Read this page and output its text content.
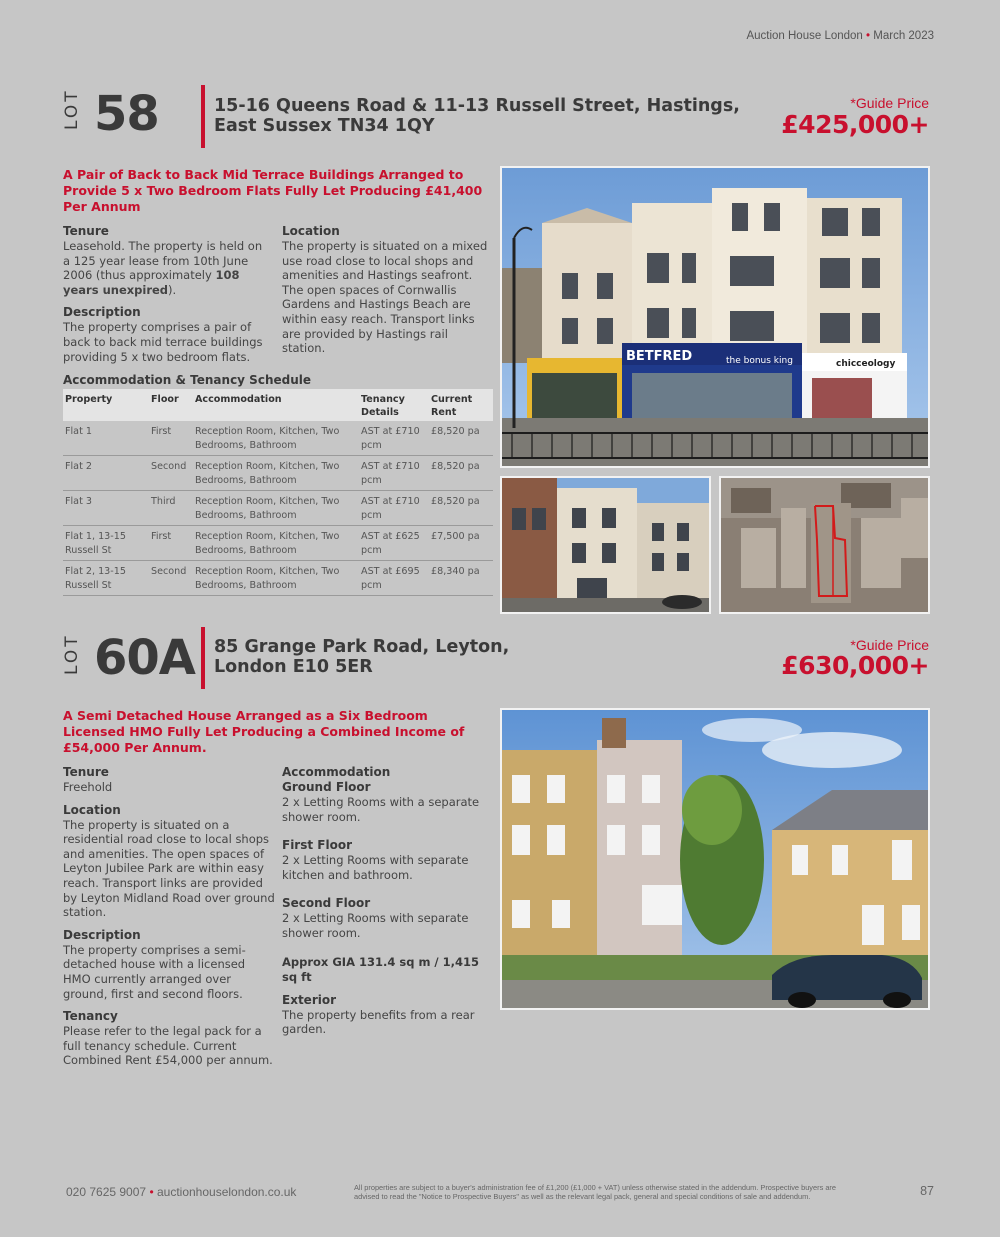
Auction House London • March 2023
LOT 58	15-16 Queens Road & 11-13 Russell Street, Hastings,
East Sussex TN34 1QY
*Guide Price
£425,000+
A Pair of Back to Back Mid Terrace Buildings Arranged to Provide 5 x Two Bedroom Flats Fully Let Producing £41,400 Per Annum
Tenure
Leasehold. The property is held on a 125 year lease from 10th June 2006 (thus approximately 108 years unexpired).
Description
The property comprises a pair of back to back mid terrace buildings providing 5 x two bedroom flats.
Location
The property is situated on a mixed use road close to local shops and amenities and Hastings seafront. The open spaces of Cornwallis Gardens and Hastings Beach are within easy reach. Transport links are provided by Hastings rail station.
Accommodation & Tenancy Schedule
Property	Floor	Accommodation	Tenancy Details	Current Rent
Flat 1	First	Reception Room, Kitchen, Two Bedrooms, Bathroom	AST at £710 pcm	£8,520 pa
Flat 2	Second	Reception Room, Kitchen, Two Bedrooms, Bathroom	AST at £710 pcm	£8,520 pa
Flat 3	Third	Reception Room, Kitchen, Two Bedrooms, Bathroom	AST at £710 pcm	£8,520 pa
Flat 1, 13-15 Russell St	First	Reception Room, Kitchen, Two Bedrooms, Bathroom	AST at £625 pcm	£7,500 pa
Flat 2, 13-15 Russell St	Second	Reception Room, Kitchen, Two Bedrooms, Bathroom	AST at £695 pcm	£8,340 pa
BETFRED	the bonus king	chicceology
LOT 60A 85 Grange Park Road, Leyton,
London E10 5ER
*Guide Price
£630,000+
A Semi Detached House Arranged as a Six Bedroom Licensed HMO Fully Let Producing a Combined Income of £54,000 Per Annum.
Tenure
Freehold
Location
The property is situated on a residential road close to local shops and amenities. The open spaces of Leyton Jubilee Park are within easy reach. Transport links are provided by Leyton Midland Road over ground station.
Description
The property comprises a semi-detached house with a licensed HMO currently arranged over ground, first and second floors.
Tenancy
Please refer to the legal pack for a full tenancy schedule. Current Combined Rent £54,000 per annum.
Accommodation
Ground Floor
2 x Letting Rooms with a separate shower room.
First Floor
2 x Letting Rooms with separate kitchen and bathroom.
Second Floor
2 x Letting Rooms with separate shower room.
Approx GIA 131.4 sq m / 1,415 sq ft
Exterior
The property benefits from a rear garden.
020 7625 9007 • auctionhouselondon.co.uk	All properties are subject to a buyer's administration fee of £1,200 (£1,000 + VAT) unless otherwise stated in the addendum. Prospective buyers are advised to read the "Notice to Prospective Buyers" as well as the relevant legal pack, general and special conditions of sale and addendum.	87
